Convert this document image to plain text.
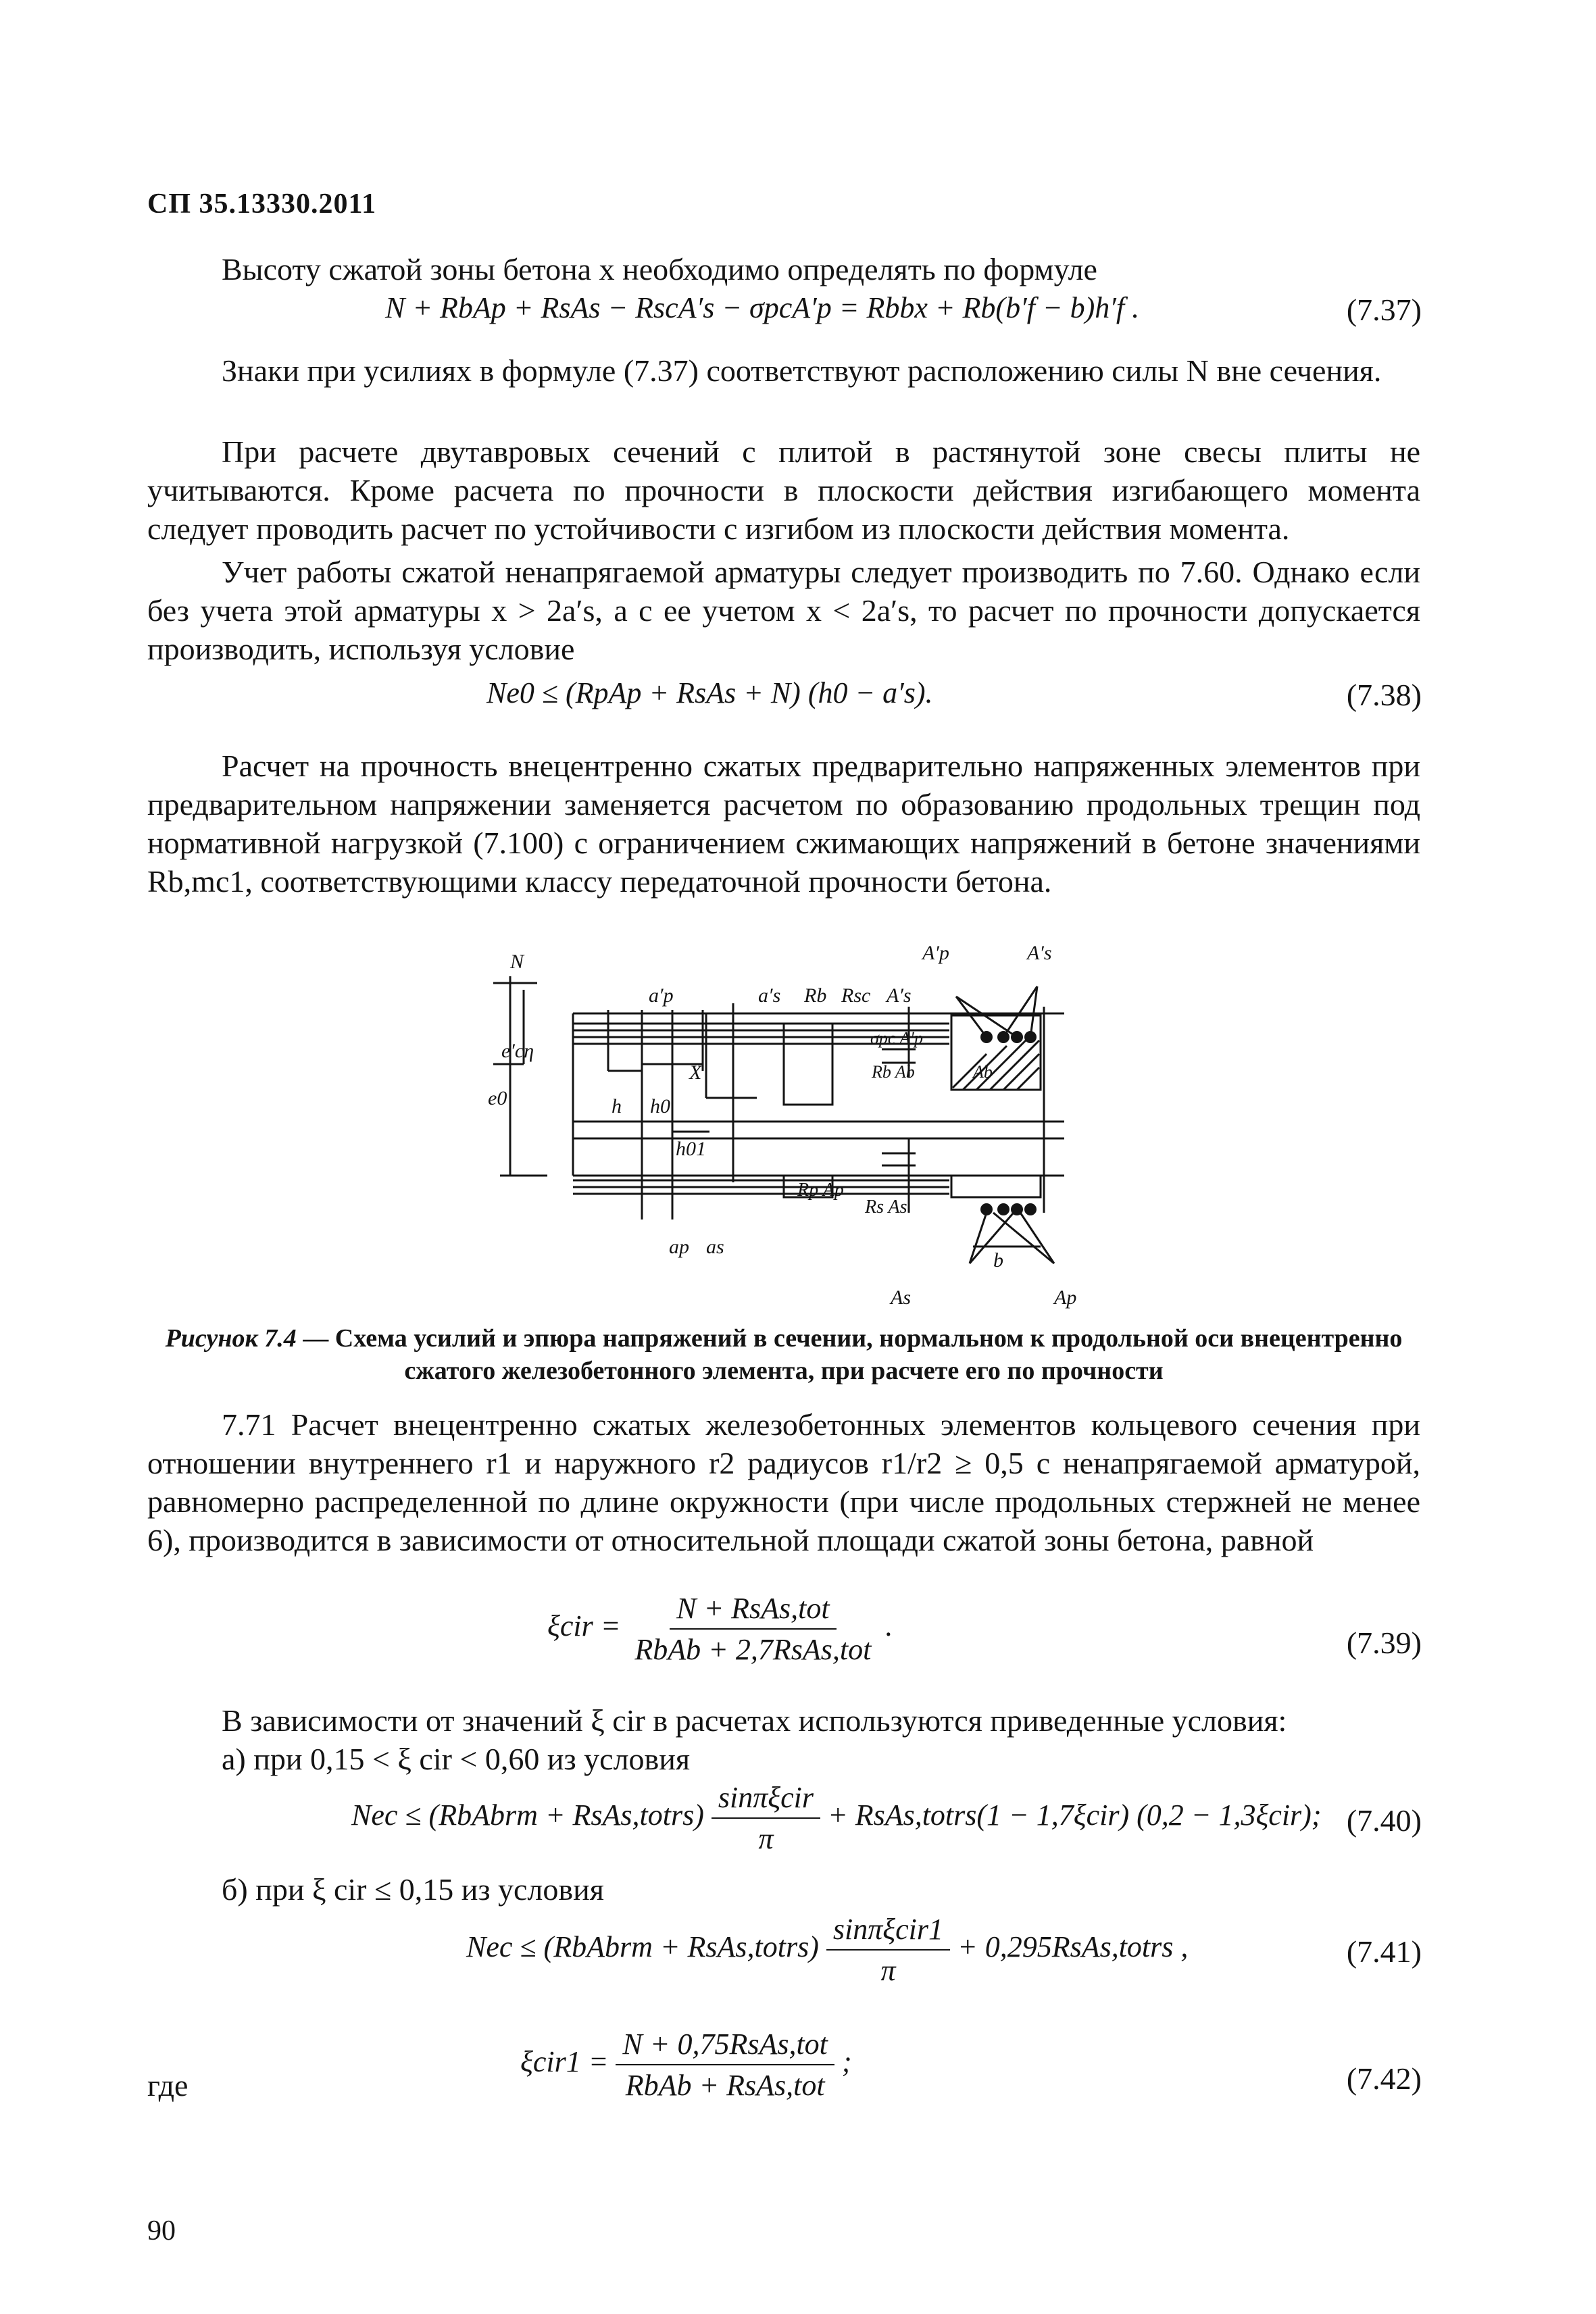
СП 35.13330.2011
Высоту сжатой зоны бетона x необходимо определять по формуле
N + RbAp + RsAs − RscA′s − σpcA′p = Rbbx + Rb(b′f − b)h′f .	(7.37)
Знаки при усилиях в формуле (7.37) соответствуют расположению силы N вне сечения.
При расчете двутавровых сечений с плитой в растянутой зоне свесы плиты не учитываются. Кроме расчета по прочности в плоскости действия изгибающего момента следует проводить расчет по устойчивости с изгибом из плоскости действия момента.
Учет работы сжатой ненапрягаемой арматуры следует производить по 7.60. Однако если без учета этой арматуры x > 2a′s, а с ее учетом x < 2a′s, то расчет по прочности допускается производить, используя условие
Ne0 ≤ (RpAp + RsAs + N) (h0 − a′s).	(7.38)
Расчет на прочность внецентренно сжатых предварительно напряженных элементов при предварительном напряжении заменяется расчетом по образованию продольных трещин под нормативной нагрузкой (7.100) с ограничением сжимающих напряжений в бетоне значениями Rb,mc1, соответствующими классу передаточной прочности бетона.
N
a′p	a′s Rb Rsc A′s
A′p	A′s
σpc A′p
Rb Ab	Ab
X
e′cη
e0	h h0
h01
Rp Ap
Rs As
ap as
b
As	Ap
Рисунок 7.4 — Схема усилий и эпюра напряжений в сечении, нормальном к продольной оси внецентренно сжатого железобетонного элемента, при расчете его по прочности
7.71 Расчет внецентренно сжатых железобетонных элементов кольцевого сечения при отношении внутреннего r1 и наружного r2 радиусов r1/r2 ≥ 0,5 с ненапрягаемой арматурой, равномерно распределенной по длине окружности (при числе продольных стержней не менее 6), производится в зависимости от относительной площади сжатой зоны бетона, равной
$\xi cir = \frac{\text{N + RsAs,tot}}{\text{RbAb + 2,7RsAs,tot}}$ .	(7.39)
В зависимости от значений ξ cir в расчетах используются приведенные условия:
а) при 0,15 < ξ cir < 0,60 из условия
Nec ≤ (RbAbrm + RsAs,totrs) $\frac{\text{sinπξcir}}{\pi}$ + RsAs,totrs(1 − 1,7ξcir) (0,2 − 1,3ξcir); (7.40)
б) при ξ cir ≤ 0,15 из условия
Nec ≤ (RbAbrm + RsAs,totrs) $\frac{\text{sinπξcir1}}{\pi}$ + 0,295RsAs,totrs ,	(7.41)
где
$\xi cir1 = \frac{\text{N + 0,75RsAs,tot}}{\text{RbAb + RsAs,tot}}$ ;	(7.42)
90
